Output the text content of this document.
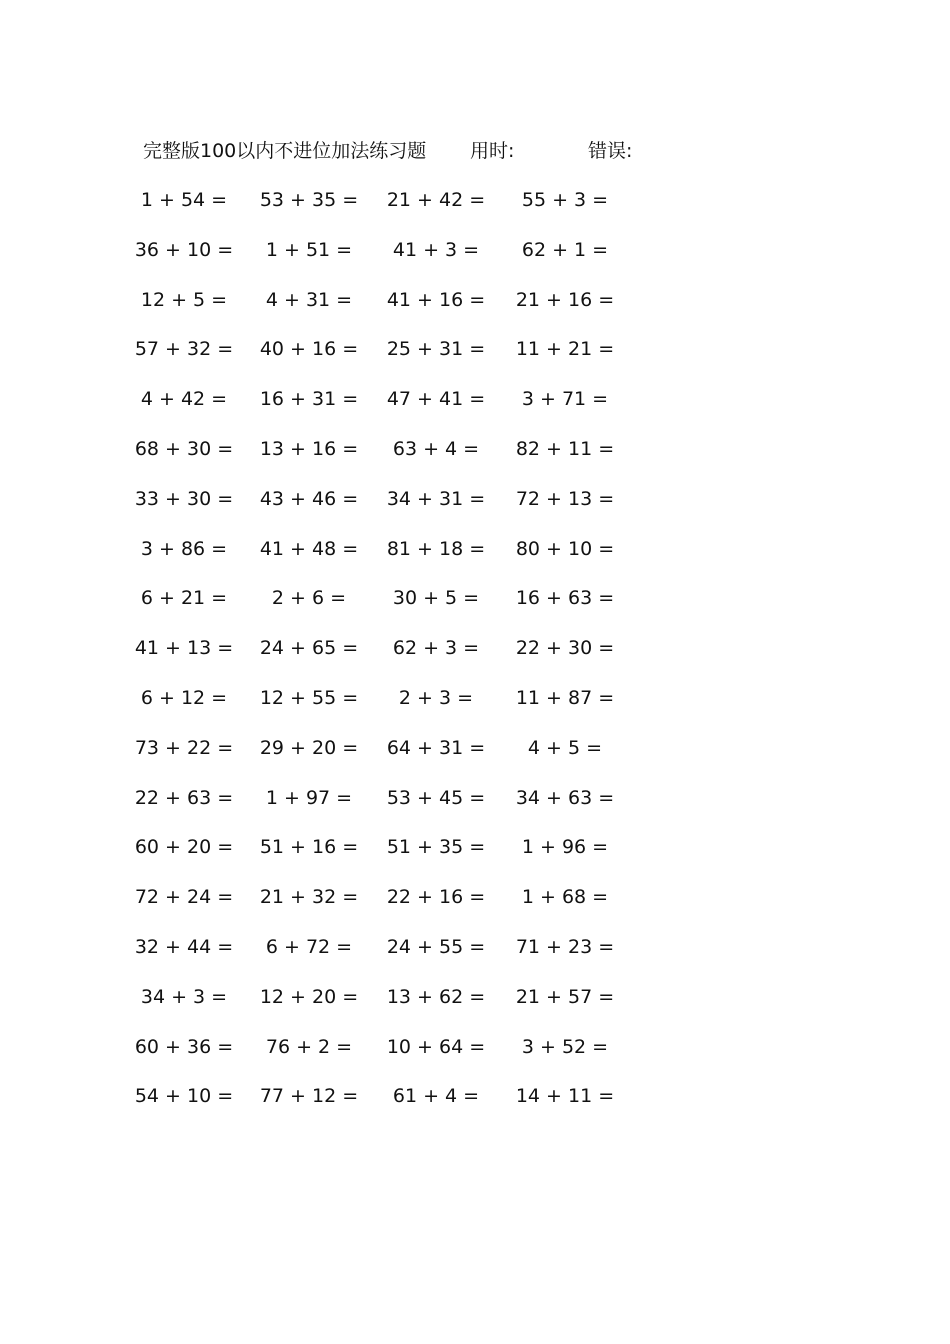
完整版100以内不进位加法练习题 用时:	错误:
1 + 54 =	53 + 35 =	21 + 42 =	55 + 3 =
36 + 10 =	1 + 51 =	41 + 3 =	62 + 1 =
12 + 5 =	4 + 31 =	41 + 16 =	21 + 16 =
57 + 32 =	40 + 16 =	25 + 31 =	11 + 21 =
4 + 42 =	16 + 31 =	47 + 41 =	3 + 71 =
68 + 30 =	13 + 16 =	63 + 4 =	82 + 11 =
33 + 30 =	43 + 46 =	34 + 31 =	72 + 13 =
3 + 86 =	41 + 48 =	81 + 18 =	80 + 10 =
6 + 21 =	2 + 6 =	30 + 5 =	16 + 63 =
41 + 13 =	24 + 65 =	62 + 3 =	22 + 30 =
6 + 12 =	12 + 55 =	2 + 3 =	11 + 87 =
73 + 22 =	29 + 20 =	64 + 31 =	4 + 5 =
22 + 63 =	1 + 97 =	53 + 45 =	34 + 63 =
60 + 20 =	51 + 16 =	51 + 35 =	1 + 96 =
72 + 24 =	21 + 32 =	22 + 16 =	1 + 68 =
32 + 44 =	6 + 72 =	24 + 55 =	71 + 23 =
34 + 3 =	12 + 20 =	13 + 62 =	21 + 57 =
60 + 36 =	76 + 2 =	10 + 64 =	3 + 52 =
54 + 10 =	77 + 12 =	61 + 4 =	14 + 11 =
